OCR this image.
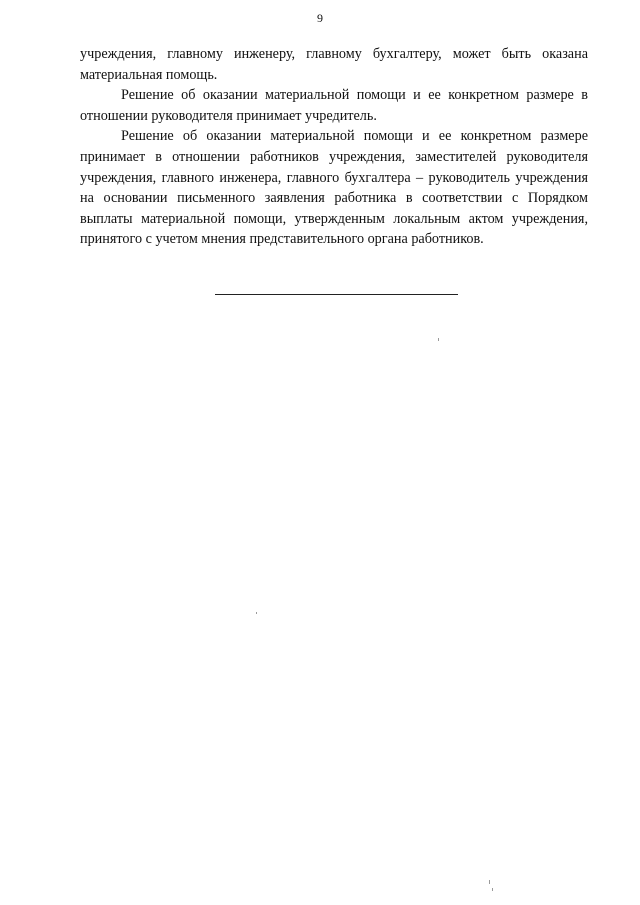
9

учреждения, главному инженеру, главному бухгалтеру, может быть оказана материальная помощь.

Решение об оказании материальной помощи и ее конкретном размере в отношении руководителя принимает учредитель.

Решение об оказании материальной помощи и ее конкретном размере принимает в отношении работников учреждения, заместителей руководителя учреждения, главного инженера, главного бухгалтера – руководитель учреждения на основании письменного заявления работника в соответствии с Порядком выплаты материальной помощи, утвержденным локальным актом учреждения, принятого с учетом мнения представительного органа работников.
